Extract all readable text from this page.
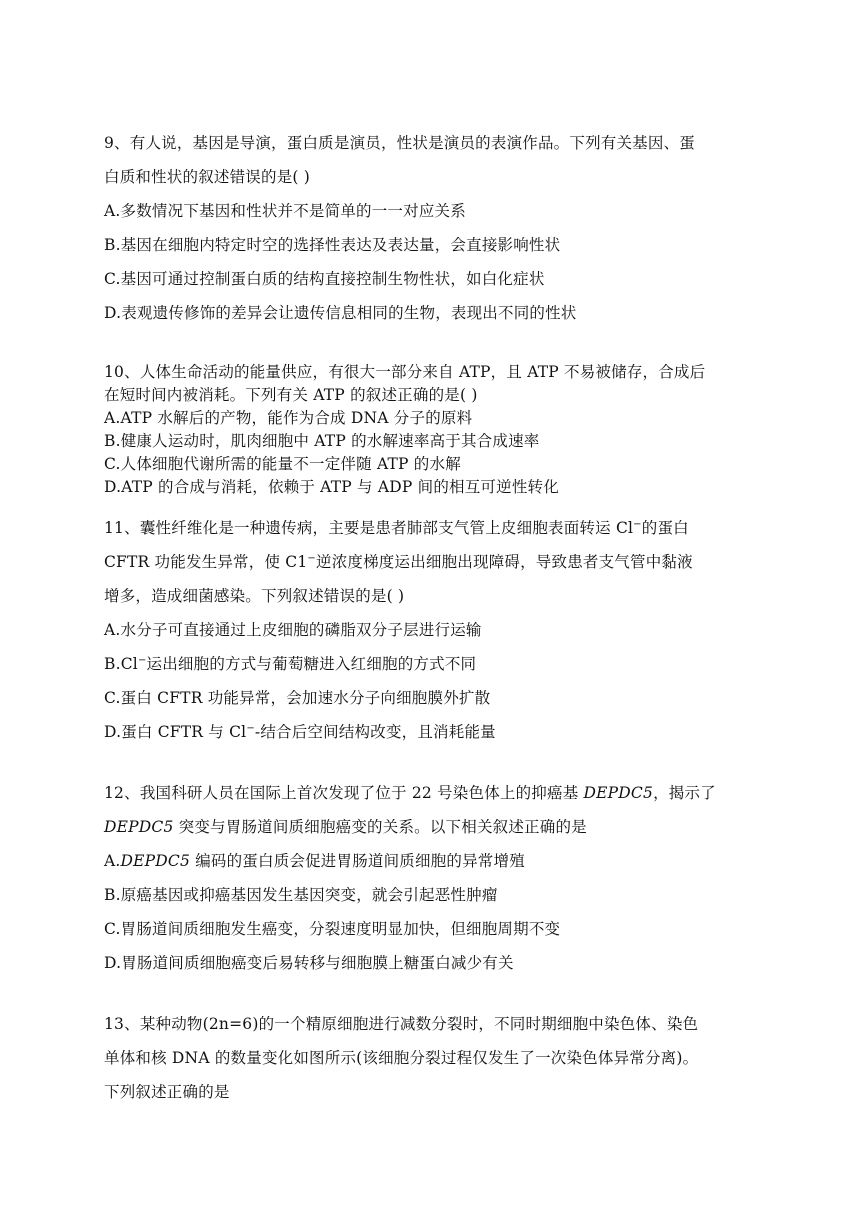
9、有人说，基因是导演，蛋白质是演员，性状是演员的表演作品。下列有关基因、蛋
白质和性状的叙述错误的是( )
A.多数情况下基因和性状并不是简单的一一对应关系
B.基因在细胞内特定时空的选择性表达及表达量，会直接影响性状
C.基因可通过控制蛋白质的结构直接控制生物性状，如白化症状
D.表观遗传修饰的差异会让遗传信息相同的生物，表现出不同的性状
10、人体生命活动的能量供应，有很大一部分来自 ATP，且 ATP 不易被储存，合成后
在短时间内被消耗。下列有关 ATP 的叙述正确的是( )
A.ATP 水解后的产物，能作为合成 DNA 分子的原料
B.健康人运动时，肌肉细胞中 ATP 的水解速率高于其合成速率
C.人体细胞代谢所需的能量不一定伴随 ATP 的水解
D.ATP 的合成与消耗，依赖于 ATP 与 ADP 间的相互可逆性转化
11、囊性纤维化是一种遗传病，主要是患者肺部支气管上皮细胞表面转运 Cl−的蛋白
CFTR 功能发生异常，使 C1−逆浓度梯度运出细胞出现障碍，导致患者支气管中黏液
增多，造成细菌感染。下列叙述错误的是( )
A.水分子可直接通过上皮细胞的磷脂双分子层进行运输
B.Cl−运出细胞的方式与葡萄糖进入红细胞的方式不同
C.蛋白 CFTR 功能异常，会加速水分子向细胞膜外扩散
D.蛋白 CFTR 与 Cl−-结合后空间结构改变，且消耗能量
12、我国科研人员在国际上首次发现了位于 22 号染色体上的抑癌基 DEPDC5，揭示了
DEPDC5 突变与胃肠道间质细胞癌变的关系。以下相关叙述正确的是
A.DEPDC5 编码的蛋白质会促进胃肠道间质细胞的异常增殖
B.原癌基因或抑癌基因发生基因突变，就会引起恶性肿瘤
C.胃肠道间质细胞发生癌变，分裂速度明显加快，但细胞周期不变
D.胃肠道间质细胞癌变后易转移与细胞膜上糖蛋白减少有关
13、某种动物(2n=6)的一个精原细胞进行减数分裂时，不同时期细胞中染色体、染色
单体和核 DNA 的数量变化如图所示(该细胞分裂过程仅发生了一次染色体异常分离)。
下列叙述正确的是
